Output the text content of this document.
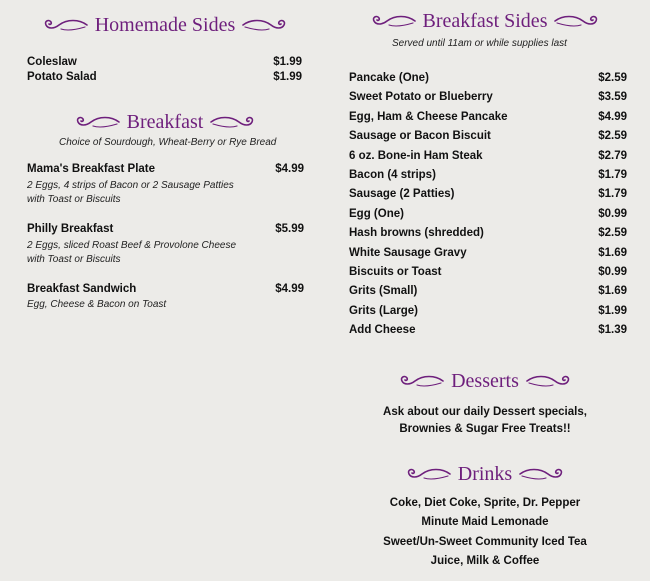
Homemade Sides
Coleslaw	$1.99
Potato Salad	$1.99
Breakfast
Choice of Sourdough, Wheat-Berry or Rye Bread
Mama's Breakfast Plate	$4.99
2 Eggs, 4 strips of Bacon or 2 Sausage Patties
with Toast or Biscuits
Philly Breakfast	$5.99
2 Eggs, sliced Roast Beef & Provolone Cheese
with Toast or Biscuits
Breakfast Sandwich	$4.99
Egg, Cheese & Bacon on Toast
Breakfast Sides
Served until 11am or while supplies last
Pancake (One)	$2.59
Sweet Potato or Blueberry	$3.59
Egg, Ham & Cheese Pancake	$4.99
Sausage or Bacon Biscuit	$2.59
6 oz. Bone-in Ham Steak	$2.79
Bacon (4 strips)	$1.79
Sausage (2 Patties)	$1.79
Egg (One)	$0.99
Hash browns (shredded)	$2.59
White Sausage Gravy	$1.69
Biscuits or Toast	$0.99
Grits (Small)	$1.69
Grits (Large)	$1.99
Add Cheese	$1.39
Desserts
Ask about our daily Dessert specials,
Brownies & Sugar Free Treats!!
Drinks
Coke, Diet Coke, Sprite, Dr. Pepper
Minute Maid Lemonade
Sweet/Un-Sweet Community Iced Tea
Juice, Milk & Coffee
